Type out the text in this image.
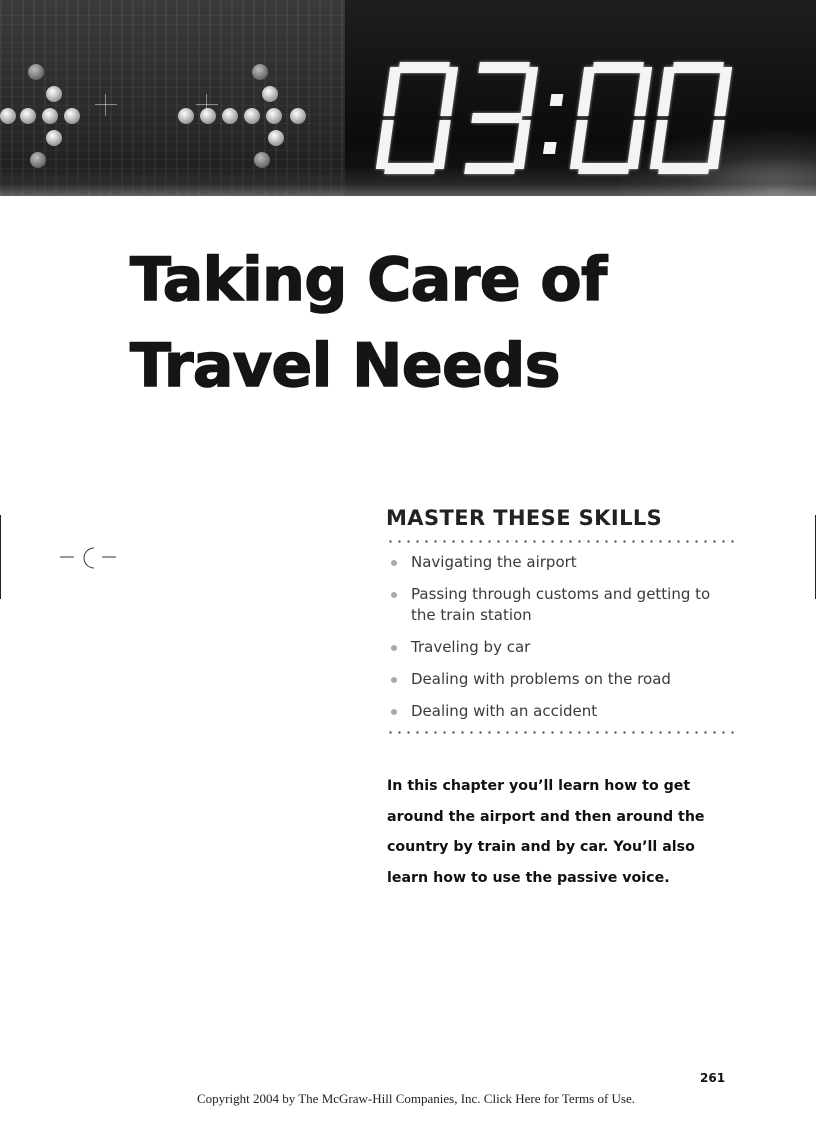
Taking Care of
Travel Needs
MASTER THESE SKILLS
Navigating the airport
Passing through customs and getting to the train station
Traveling by car
Dealing with problems on the road
Dealing with an accident

In this chapter you’ll learn how to get around the airport and then around the country by train and by car. You’ll also learn how to use the passive voice.

261
Copyright 2004 by The McGraw-Hill Companies, Inc. Click Here for Terms of Use.
